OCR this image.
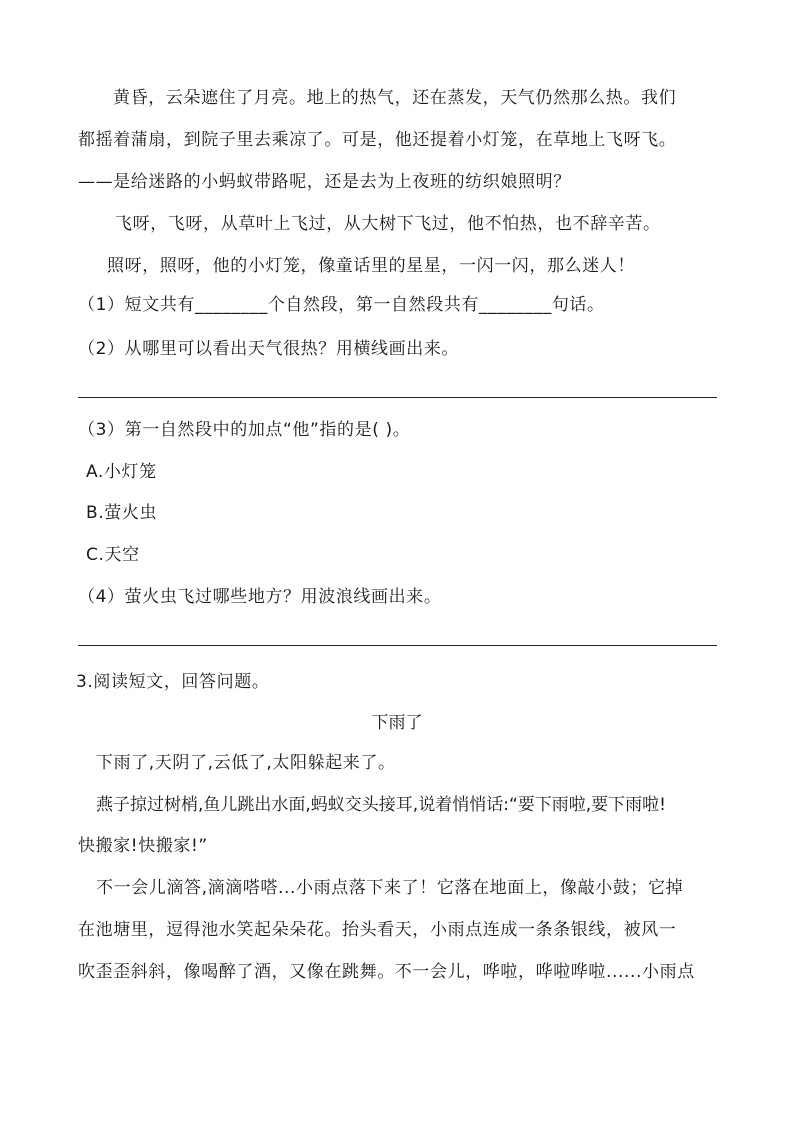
黄昏，云朵遮住了月亮。地上的热气，还在蒸发，天气仍然那么热。我们
都摇着蒲扇，到院子里去乘凉了。可是，他还提着小灯笼，在草地上飞呀飞。
——是给迷路的小蚂蚁带路呢，还是去为上夜班的纺织娘照明？
飞呀，飞呀，从草叶上飞过，从大树下飞过，他不怕热，也不辞辛苦。
照呀，照呀，他的小灯笼，像童话里的星星，一闪一闪，那么迷人！
（1）短文共有________个自然段，第一自然段共有________句话。
（2）从哪里可以看出天气很热？用横线画出来。
（3）第一自然段中的加点“他”指的是( )。
A.小灯笼
B.萤火虫
C.天空
（4）萤火虫飞过哪些地方？用波浪线画出来。
3.阅读短文，回答问题。
下雨了
下雨了,天阴了,云低了,太阳躲起来了。
燕子掠过树梢,鱼儿跳出水面,蚂蚁交头接耳,说着悄悄话:“要下雨啦,要下雨啦!
快搬家!快搬家!”
不一会儿滴答,滴滴嗒嗒...小雨点落下来了！它落在地面上，像敲小鼓；它掉
在池塘里，逗得池水笑起朵朵花。抬头看天，小雨点连成一条条银线，被风一
吹歪歪斜斜，像喝醉了酒，又像在跳舞。不一会儿，哗啦，哗啦哗啦......小雨点
